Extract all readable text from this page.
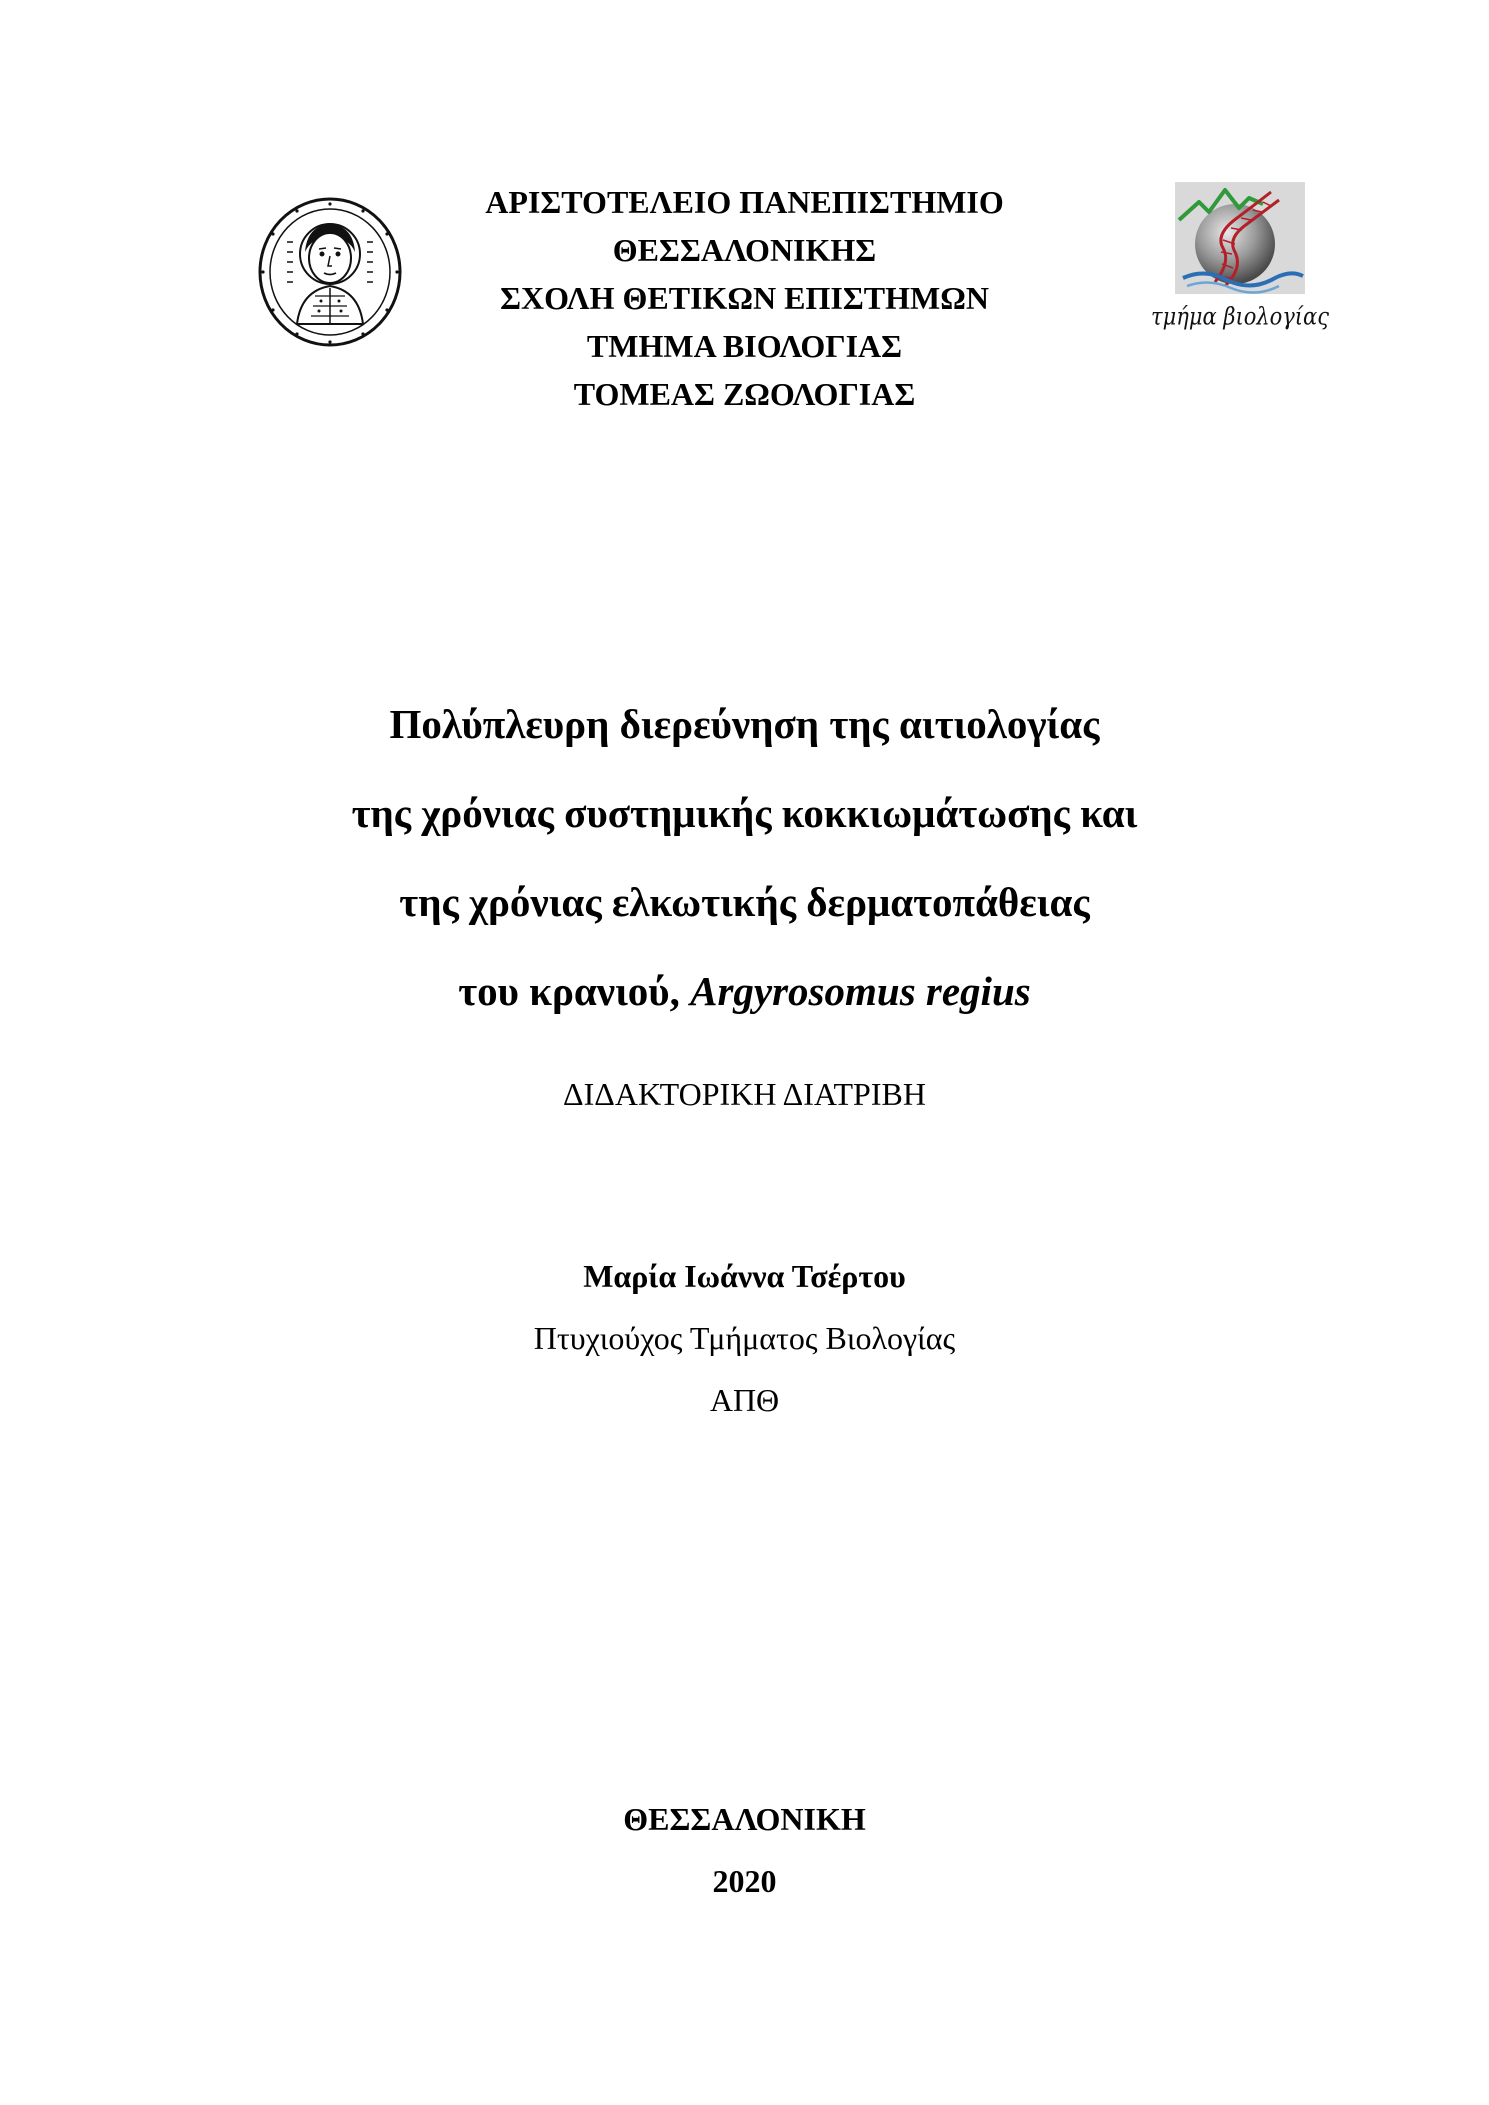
ΑΡΙΣΤΟΤΕΛΕΙΟ ΠΑΝΕΠΙΣΤΗΜΙΟ
ΘΕΣΣΑΛΟΝΙΚΗΣ
ΣΧΟΛΗ ΘΕΤΙΚΩΝ ΕΠΙΣΤΗΜΩΝ
ΤΜΗΜΑ ΒΙΟΛΟΓΙΑΣ
ΤΟΜΕΑΣ ΖΩΟΛΟΓΙΑΣ
τμήμα βιολογίας
Πολύπλευρη διερεύνηση της αιτιολογίας
της χρόνιας συστημικής κοκκιωμάτωσης και
της χρόνιας ελκωτικής δερματοπάθειας
του κρανιού, Argyrosomus regius
ΔΙΔΑΚΤΟΡΙΚΗ ΔΙΑΤΡΙΒΗ
Μαρία Ιωάννα Τσέρτου
Πτυχιούχος Τμήματος Βιολογίας
ΑΠΘ
ΘΕΣΣΑΛΟΝΙΚΗ
2020
